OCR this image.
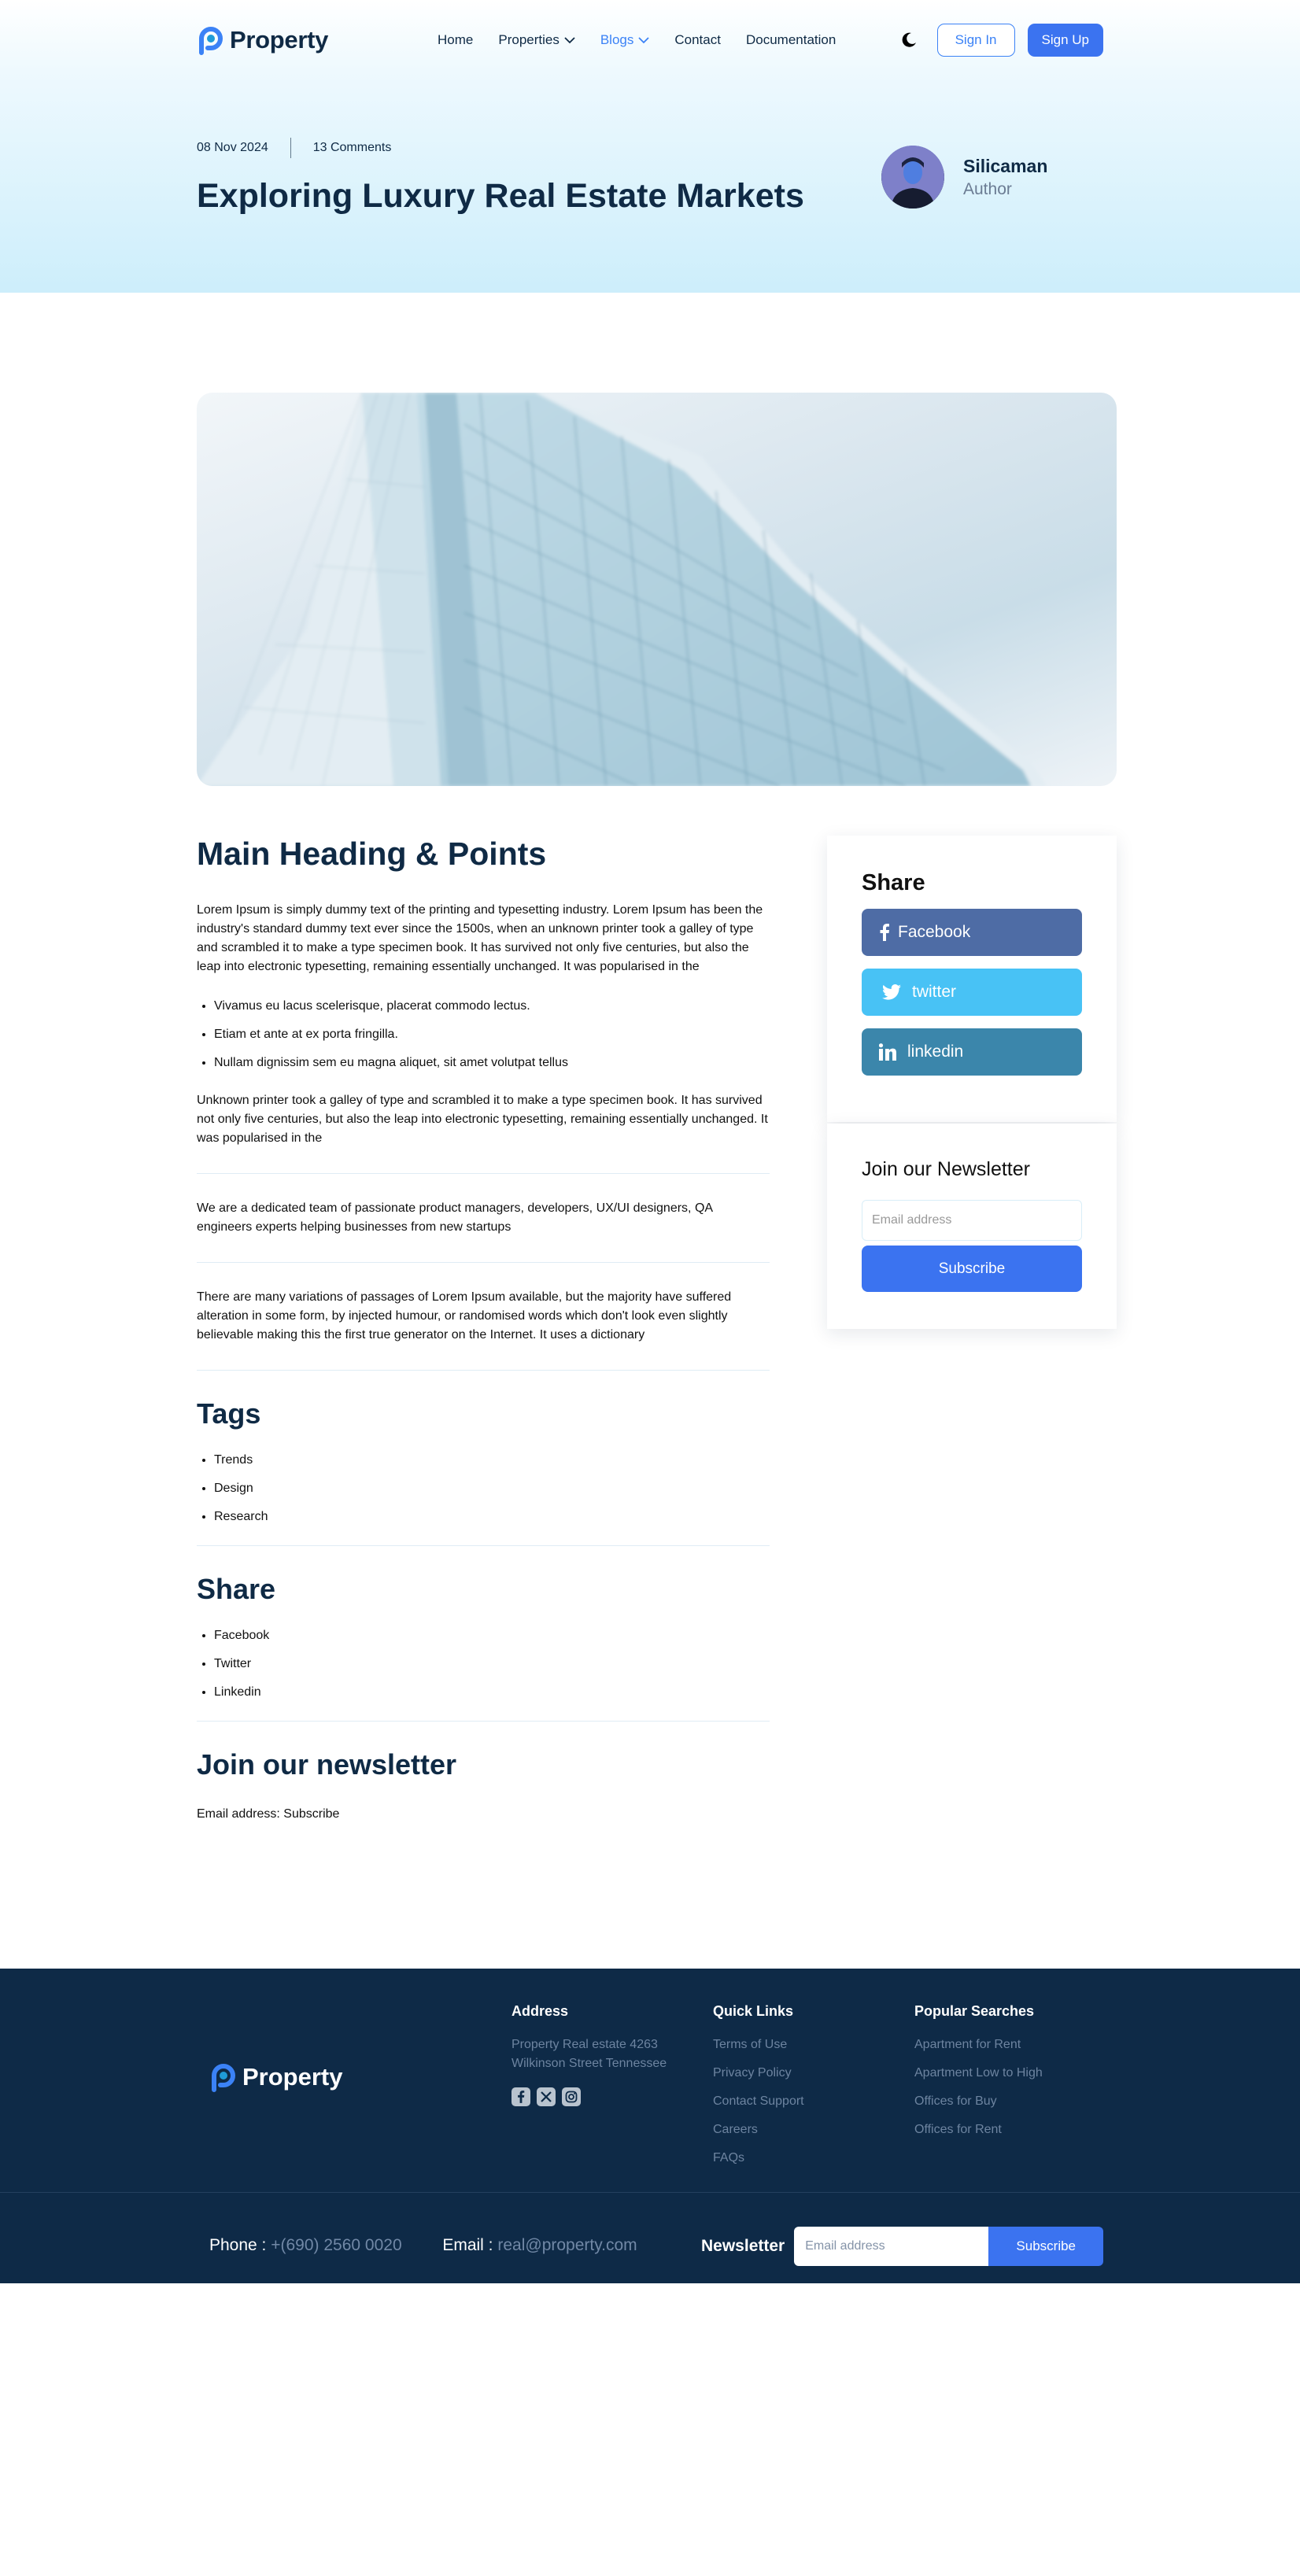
Property	Home Properties	Blogs	Contact Documentation	Sign In	Sign Up
08 Nov 2024	13 Comments
Exploring Luxury Real Estate Markets
Silicaman
Author
Main Heading & Points

Lorem Ipsum is simply dummy text of the printing and typesetting industry. Lorem Ipsum has been the industry's standard dummy text ever since the 1500s, when an unknown printer took a galley of type and scrambled it to make a type specimen book. It has survived not only five centuries, but also the leap into electronic typesetting, remaining essentially unchanged. It was popularised in the

• Vivamus eu lacus scelerisque, placerat commodo lectus.
• Etiam et ante at ex porta fringilla.
• Nullam dignissim sem eu magna aliquet, sit amet volutpat tellus

Unknown printer took a galley of type and scrambled it to make a type specimen book. It has survived not only five centuries, but also the leap into electronic typesetting, remaining essentially unchanged. It was popularised in the

We are a dedicated team of passionate product managers, developers, UX/UI designers, QA engineers experts helping businesses from new startups

There are many variations of passages of Lorem Ipsum available, but the majority have suffered alteration in some form, by injected humour, or randomised words which don't look even slightly believable making this the first true generator on the Internet. It uses a dictionary

Tags
• Trends
• Design
• Research
Share
• Facebook
• Twitter
• Linkedin
Join our newsletter

Email address: Subscribe

Share
Facebook
twitter
linkedin
Join our Newsletter
Email address
Subscribe
Property
Address
Property Real estate 4263 Wilkinson Street Tennessee
Quick Links
Terms of Use
Privacy Policy
Contact Support
Careers
FAQs
Popular Searches
Apartment for Rent
Apartment Low to High
Offices for Buy
Offices for Rent
Phone : +(690) 2560 0020 Email : real@property.com	Newsletter	Email address	Subscribe
